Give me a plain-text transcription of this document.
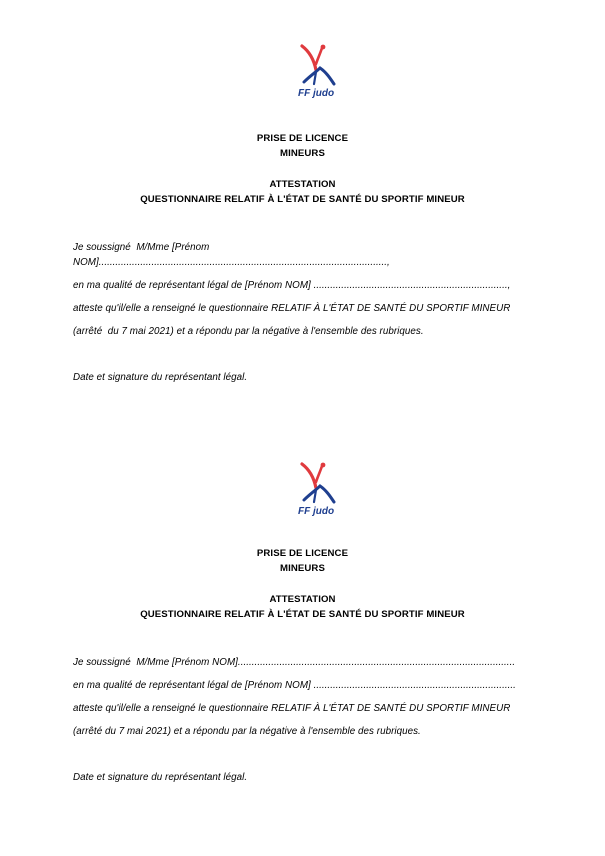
FF judo
PRISE DE LICENCE
MINEURS
ATTESTATION
QUESTIONNAIRE RELATIF À L'ÉTAT DE SANTÉ DU SPORTIF MINEUR
Je soussigné  M/Mme [Prénom
NOM]........................................................................................................,
en ma qualité de représentant légal de [Prénom NOM] ......................................................................,
atteste qu'il/elle a renseigné le questionnaire RELATIF À L'ÉTAT DE SANTÉ DU SPORTIF MINEUR
(arrêté  du 7 mai 2021) et a répondu par la négative à l'ensemble des rubriques.
Date et signature du représentant légal.
FF judo
PRISE DE LICENCE
MINEURS
ATTESTATION
QUESTIONNAIRE RELATIF À L'ÉTAT DE SANTÉ DU SPORTIF MINEUR
Je soussigné  M/Mme [Prénom NOM]....................................................................................................
en ma qualité de représentant légal de [Prénom NOM] .........................................................................
atteste qu'il/elle a renseigné le questionnaire RELATIF À L'ÉTAT DE SANTÉ DU SPORTIF MINEUR
(arrêté du 7 mai 2021) et a répondu par la négative à l'ensemble des rubriques.
Date et signature du représentant légal.
